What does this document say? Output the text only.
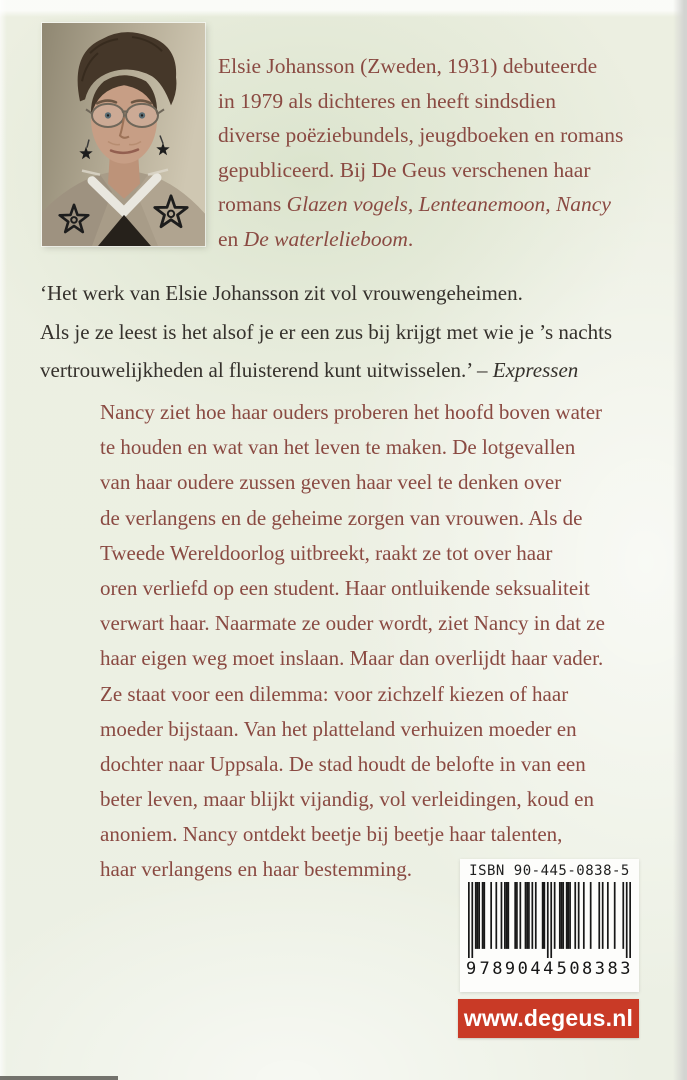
Elsie Johansson (Zweden, 1931) debuteerde
in 1979 als dichteres en heeft sindsdien
diverse poëziebundels, jeugdboeken en romans
gepubliceerd. Bij De Geus verschenen haar
romans Glazen vogels, Lenteanemoon, Nancy
en De waterlelieboom.
‘Het werk van Elsie Johansson zit vol vrouwengeheimen.
Als je ze leest is het alsof je er een zus bij krijgt met wie je ’s nachts
vertrouwelijkheden al fluisterend kunt uitwisselen.’ – Expressen
Nancy ziet hoe haar ouders proberen het hoofd boven water
te houden en wat van het leven te maken. De lotgevallen
van haar oudere zussen geven haar veel te denken over
de verlangens en de geheime zorgen van vrouwen. Als de
Tweede Wereldoorlog uitbreekt, raakt ze tot over haar
oren verliefd op een student. Haar ontluikende seksualiteit
verwart haar. Naarmate ze ouder wordt, ziet Nancy in dat ze
haar eigen weg moet inslaan. Maar dan overlijdt haar vader.
Ze staat voor een dilemma: voor zichzelf kiezen of haar
moeder bijstaan. Van het platteland verhuizen moeder en
dochter naar Uppsala. De stad houdt de belofte in van een
beter leven, maar blijkt vijandig, vol verleidingen, koud en
anoniem. Nancy ontdekt beetje bij beetje haar talenten,
haar verlangens en haar bestemming.	ISBN 90-445-0838-5
9 789044 508383
www.degeus.nl
